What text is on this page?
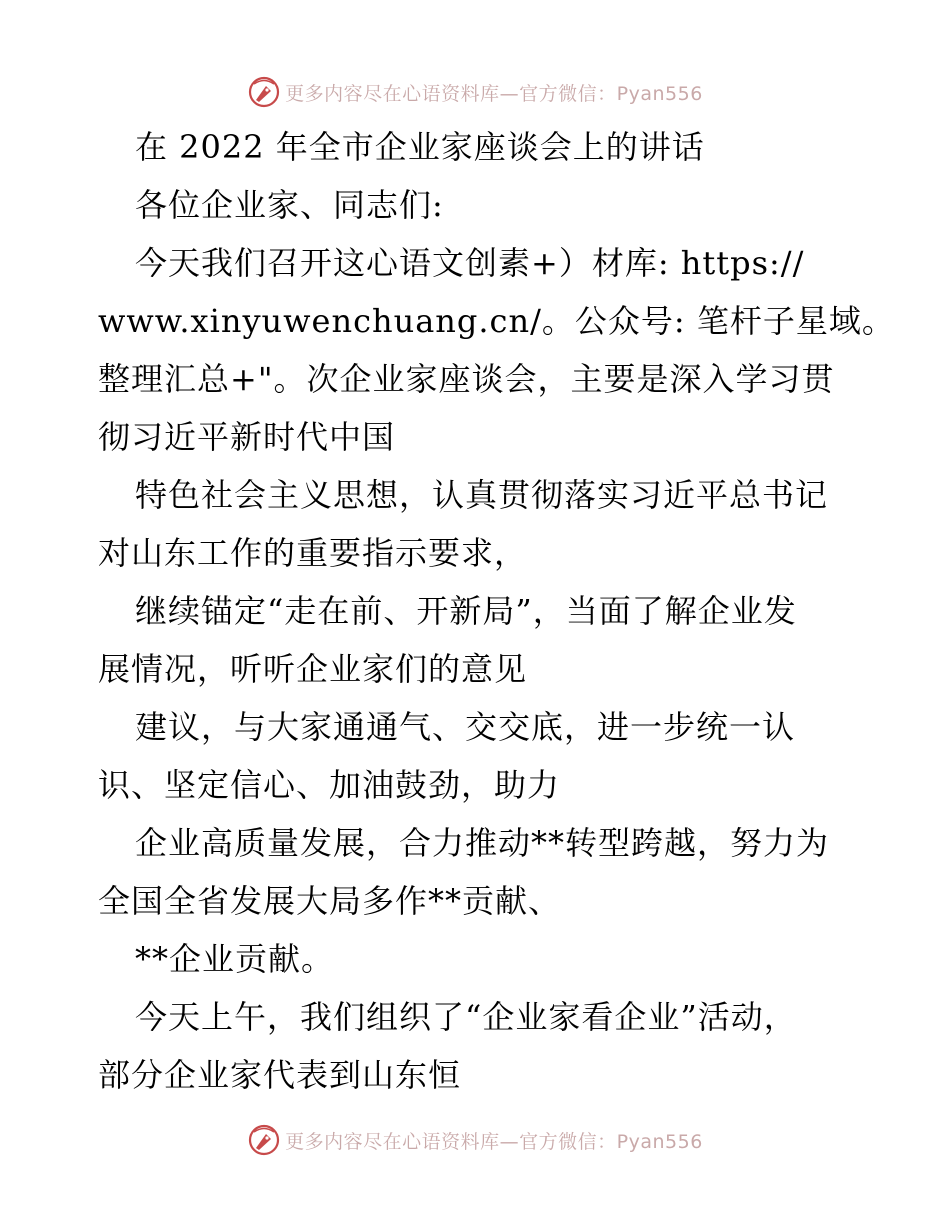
更多内容尽在心语资料库—官方微信：Pyan556
在 2022 年全市企业家座谈会上的讲话
各位企业家、同志们:
今天我们召开这心语文创素+）材库: https://
www.xinyuwenchuang.cn/。公众号: 笔杆子星域。
整理汇总+"。次企业家座谈会，主要是深入学习贯
彻习近平新时代中国
特色社会主义思想，认真贯彻落实习近平总书记
对山东工作的重要指示要求，
继续锚定“走在前、开新局”，当面了解企业发
展情况，听听企业家们的意见
建议，与大家通通气、交交底，进一步统一认
识、坚定信心、加油鼓劲，助力
企业高质量发展，合力推动**转型跨越，努力为
全国全省发展大局多作**贡献、
**企业贡献。
今天上午，我们组织了“企业家看企业”活动，
部分企业家代表到山东恒
更多内容尽在心语资料库—官方微信：Pyan556
